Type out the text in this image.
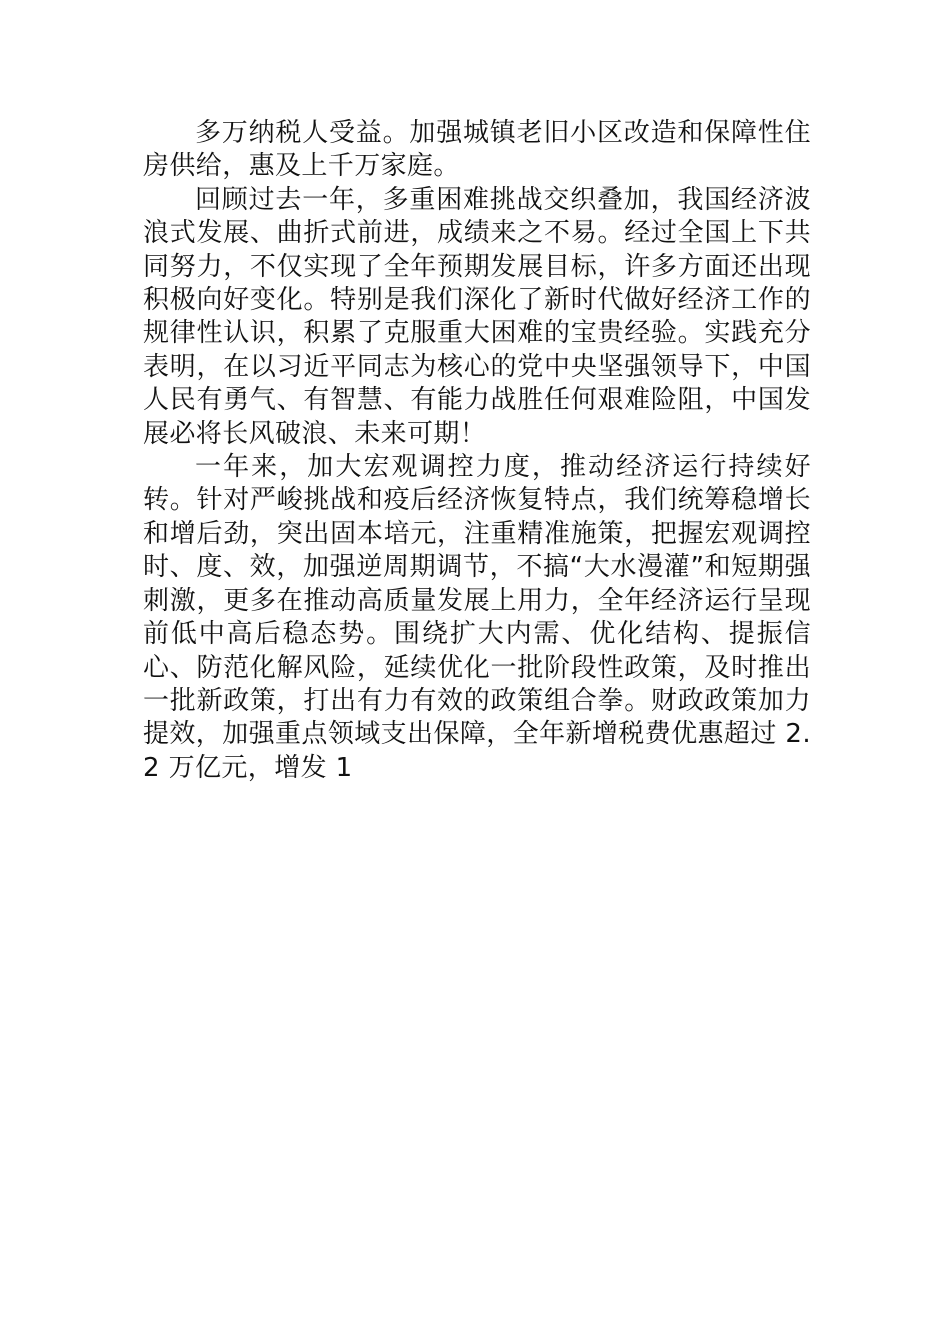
多万纳税人受益。加强城镇老旧小区改造和保障性住房供给，惠及上千万家庭。

回顾过去一年，多重困难挑战交织叠加，我国经济波浪式发展、曲折式前进，成绩来之不易。经过全国上下共同努力，不仅实现了全年预期发展目标，许多方面还出现积极向好变化。特别是我们深化了新时代做好经济工作的规律性认识，积累了克服重大困难的宝贵经验。实践充分表明，在以习近平同志为核心的党中央坚强领导下，中国人民有勇气、有智慧、有能力战胜任何艰难险阻，中国发展必将长风破浪、未来可期！

一年来，加大宏观调控力度，推动经济运行持续好转。针对严峻挑战和疫后经济恢复特点，我们统筹稳增长和增后劲，突出固本培元，注重精准施策，把握宏观调控时、度、效，加强逆周期调节，不搞“大水漫灌”和短期强刺激，更多在推动高质量发展上用力，全年经济运行呈现前低中高后稳态势。围绕扩大内需、优化结构、提振信心、防范化解风险，延续优化一批阶段性政策，及时推出一批新政策，打出有力有效的政策组合拳。财政政策加力提效，加强重点领域支出保障，全年新增税费优惠超过 2.2 万亿元，增发 1
